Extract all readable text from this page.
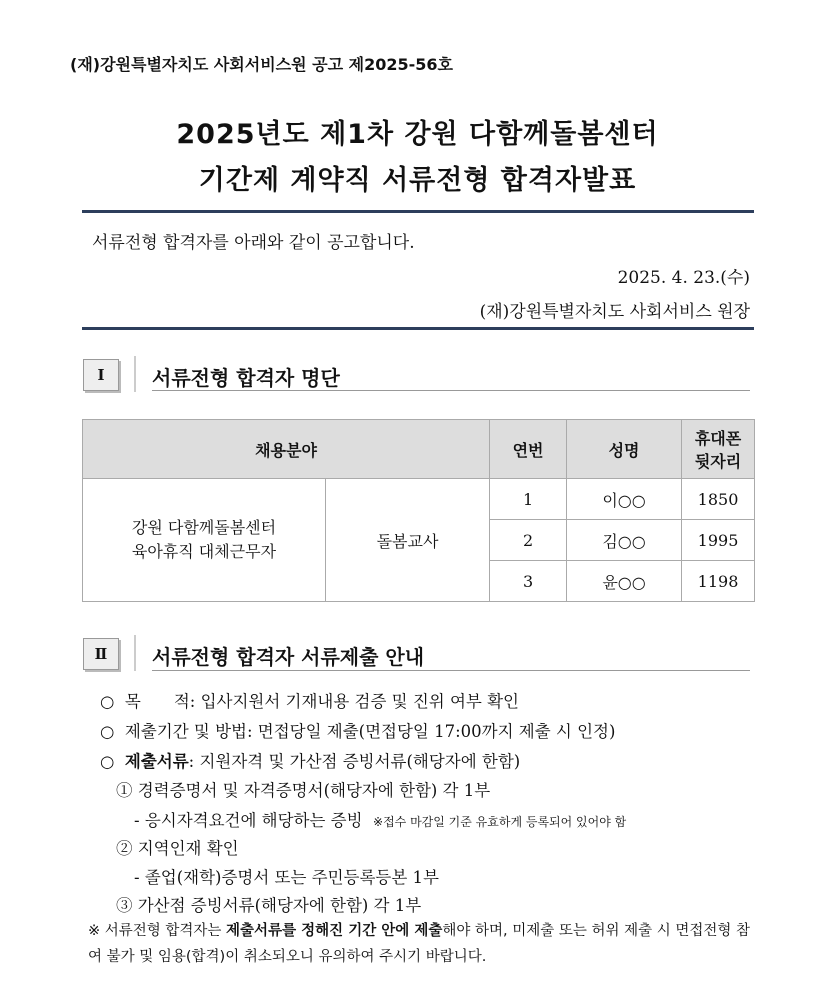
(재)강원특별자치도 사회서비스원 공고 제2025-56호
2025년도 제1차 강원 다함께돌봄센터
기간제 계약직 서류전형 합격자발표
서류전형 합격자를 아래와 같이 공고합니다.
2025. 4. 23.(수)
(재)강원특별자치도 사회서비스 원장
Ⅰ	서류전형 합격자 명단
채용분야		연번	성명	휴대폰
뒷자리

강원 다함께돌봄센터
육아휴직 대체근무자	돌봄교사	1	이○○	1850
		2	김○○	1995
		3	윤○○	1198
Ⅱ	서류전형 합격자 서류제출 안내
○  목　　적: 입사지원서 기재내용 검증 및 진위 여부 확인
○  제출기간 및 방법: 면접당일 제출(면접당일 17:00까지 제출 시 인정)
○  제출서류: 지원자격 및 가산점 증빙서류(해당자에 한함)
① 경력증명서 및 자격증명서(해당자에 한함) 각 1부
- 응시자격요건에 해당하는 증빙 ※접수 마감일 기준 유효하게 등록되어 있어야 함
② 지역인재 확인
- 졸업(재학)증명서 또는 주민등록등본 1부
③ 가산점 증빙서류(해당자에 한함) 각 1부
※ 서류전형 합격자는 제출서류를 정해진 기간 안에 제출해야 하며, 미제출 또는 허위 제출 시 면접전형 참여 불가 및 임용(합격)이 취소되오니 유의하여 주시기 바랍니다.
